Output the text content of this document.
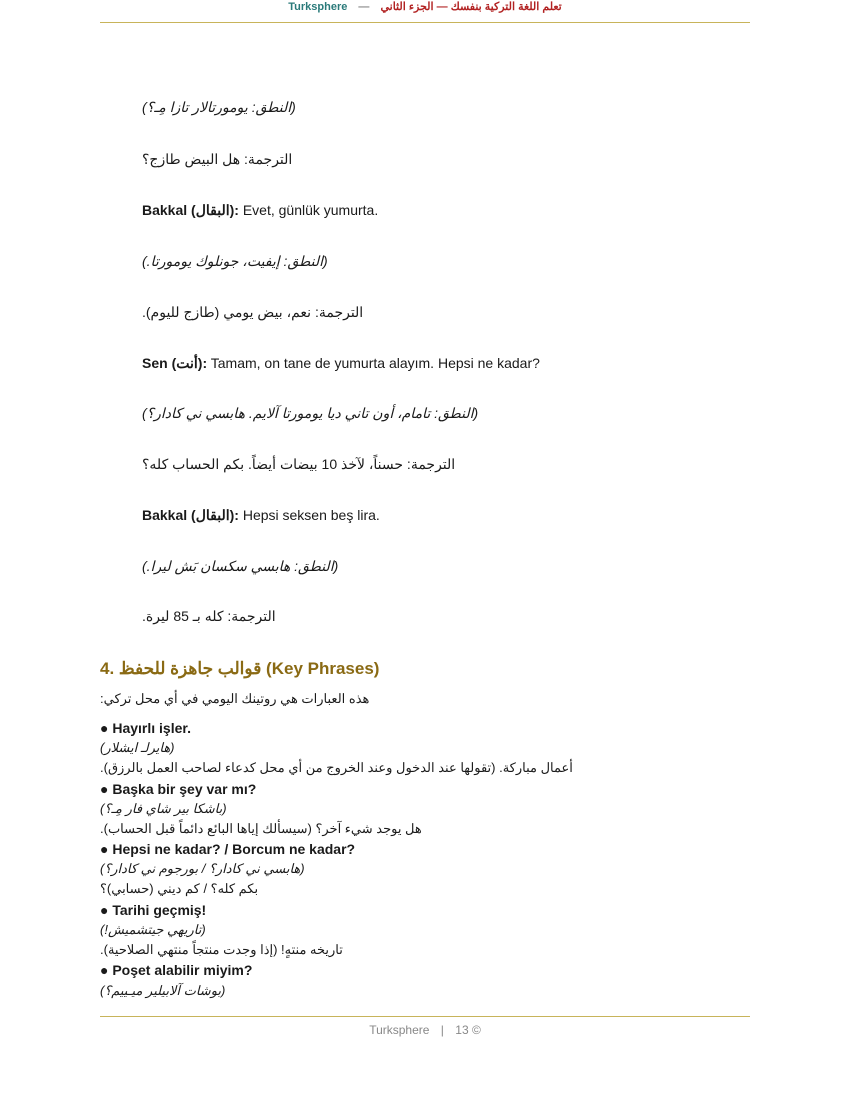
Turksphere — تعلم اللغة التركية بنفسك — الجزء الثاني
(النطق: يومورتالار تازا مِـ؟)
الترجمة: هل البيض طازج؟
Bakkal (البقال): Evet, günlük yumurta.
(النطق: إيفيت، جونلوك يومورتا.)
الترجمة: نعم، بيض يومي (طازج لليوم).
Sen (أنت): Tamam, on tane de yumurta alayım. Hepsi ne kadar?
(النطق: تامام، أون تاني ديا يومورتا آلايم. هابسي ني كادار؟)
الترجمة: حسناً، لآخذ 10 بيضات أيضاً. بكم الحساب كله؟
Bakkal (البقال): Hepsi seksen beş lira.
(النطق: هابسي سكسان بَش ليرا.)
الترجمة: كله بـ 85 ليرة.
4. قوالب جاهزة للحفظ (Key Phrases)
هذه العبارات هي روتينك اليومي في أي محل تركي:
● Hayırlı işler.
(هايرلـ ايشلار)
أعمال مباركة. (تقولها عند الدخول وعند الخروج من أي محل كدعاء لصاحب العمل بالرزق).
● Başka bir şey var mı?
(باشكا بير شاي فار مِـ؟)
هل يوجد شيء آخر؟ (سيسألك إياها البائع دائماً قبل الحساب).
● Hepsi ne kadar? / Borcum ne kadar?
(هابسي ني كادار؟ / بورجوم ني كادار؟)
بكم كله؟ / كم ديني (حسابي)؟
● Tarihi geçmiş!
(تاريهي جيتشميش!)
تاريخه منتهٍ! (إذا وجدت منتجاً منتهي الصلاحية).
● Poşet alabilir miyim?
(بوشات آلابيلير ميـييم؟)
Turksphere | 13 ©
